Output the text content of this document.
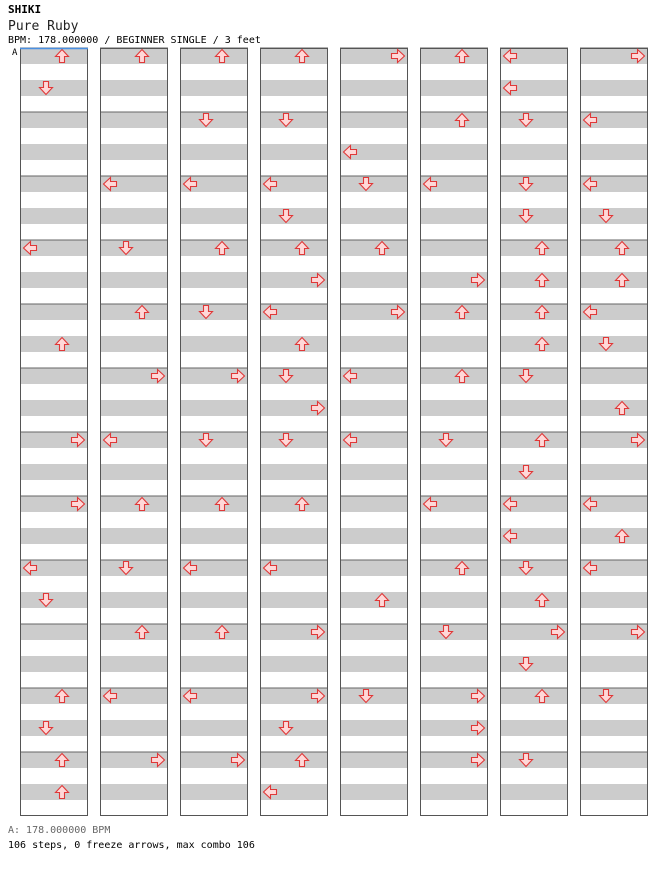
SHIKI
Pure Ruby
BPM: 178.000000 / BEGINNER SINGLE / 3 feet
A
A: 178.000000 BPM
106 steps, 0 freeze arrows, max combo 106
